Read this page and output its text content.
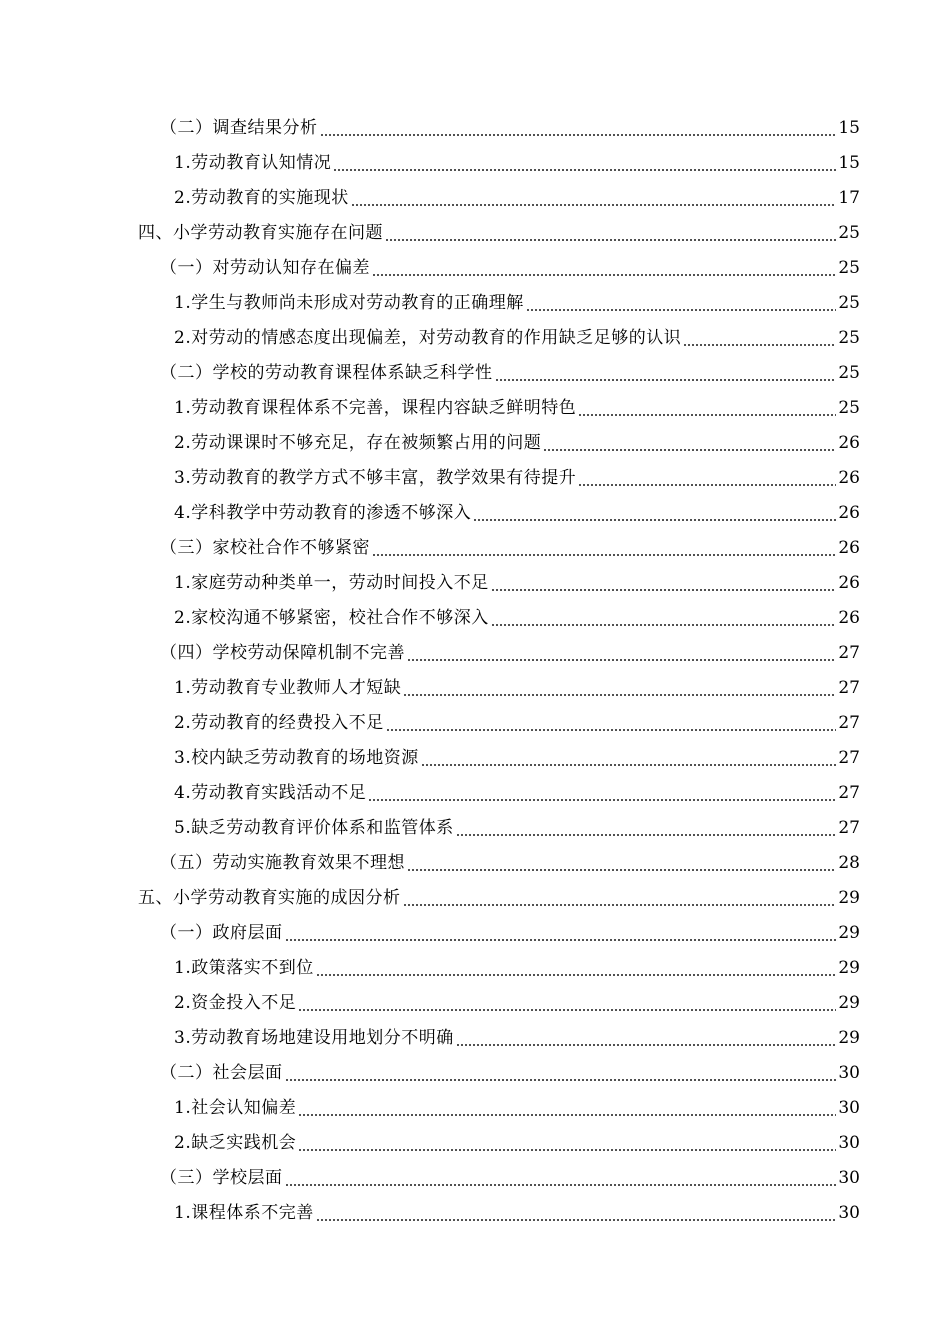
（二）调查结果分析	15
1.劳动教育认知情况	15
2.劳动教育的实施现状	17
四、小学劳动教育实施存在问题	25
（一）对劳动认知存在偏差	25
1.学生与教师尚未形成对劳动教育的正确理解	25
2.对劳动的情感态度出现偏差，对劳动教育的作用缺乏足够的认识	25
（二）学校的劳动教育课程体系缺乏科学性	25
1.劳动教育课程体系不完善，课程内容缺乏鲜明特色	25
2.劳动课课时不够充足，存在被频繁占用的问题	26
3.劳动教育的教学方式不够丰富，教学效果有待提升	26
4.学科教学中劳动教育的渗透不够深入	26
（三）家校社合作不够紧密	26
1.家庭劳动种类单一，劳动时间投入不足	26
2.家校沟通不够紧密，校社合作不够深入	26
（四）学校劳动保障机制不完善	27
1.劳动教育专业教师人才短缺	27
2.劳动教育的经费投入不足	27
3.校内缺乏劳动教育的场地资源	27
4.劳动教育实践活动不足	27
5.缺乏劳动教育评价体系和监管体系	27
（五）劳动实施教育效果不理想	28
五、小学劳动教育实施的成因分析	29
（一）政府层面	29
1.政策落实不到位	29
2.资金投入不足	29
3.劳动教育场地建设用地划分不明确	29
（二）社会层面	30
1.社会认知偏差	30
2.缺乏实践机会	30
（三）学校层面	30
1.课程体系不完善	30
